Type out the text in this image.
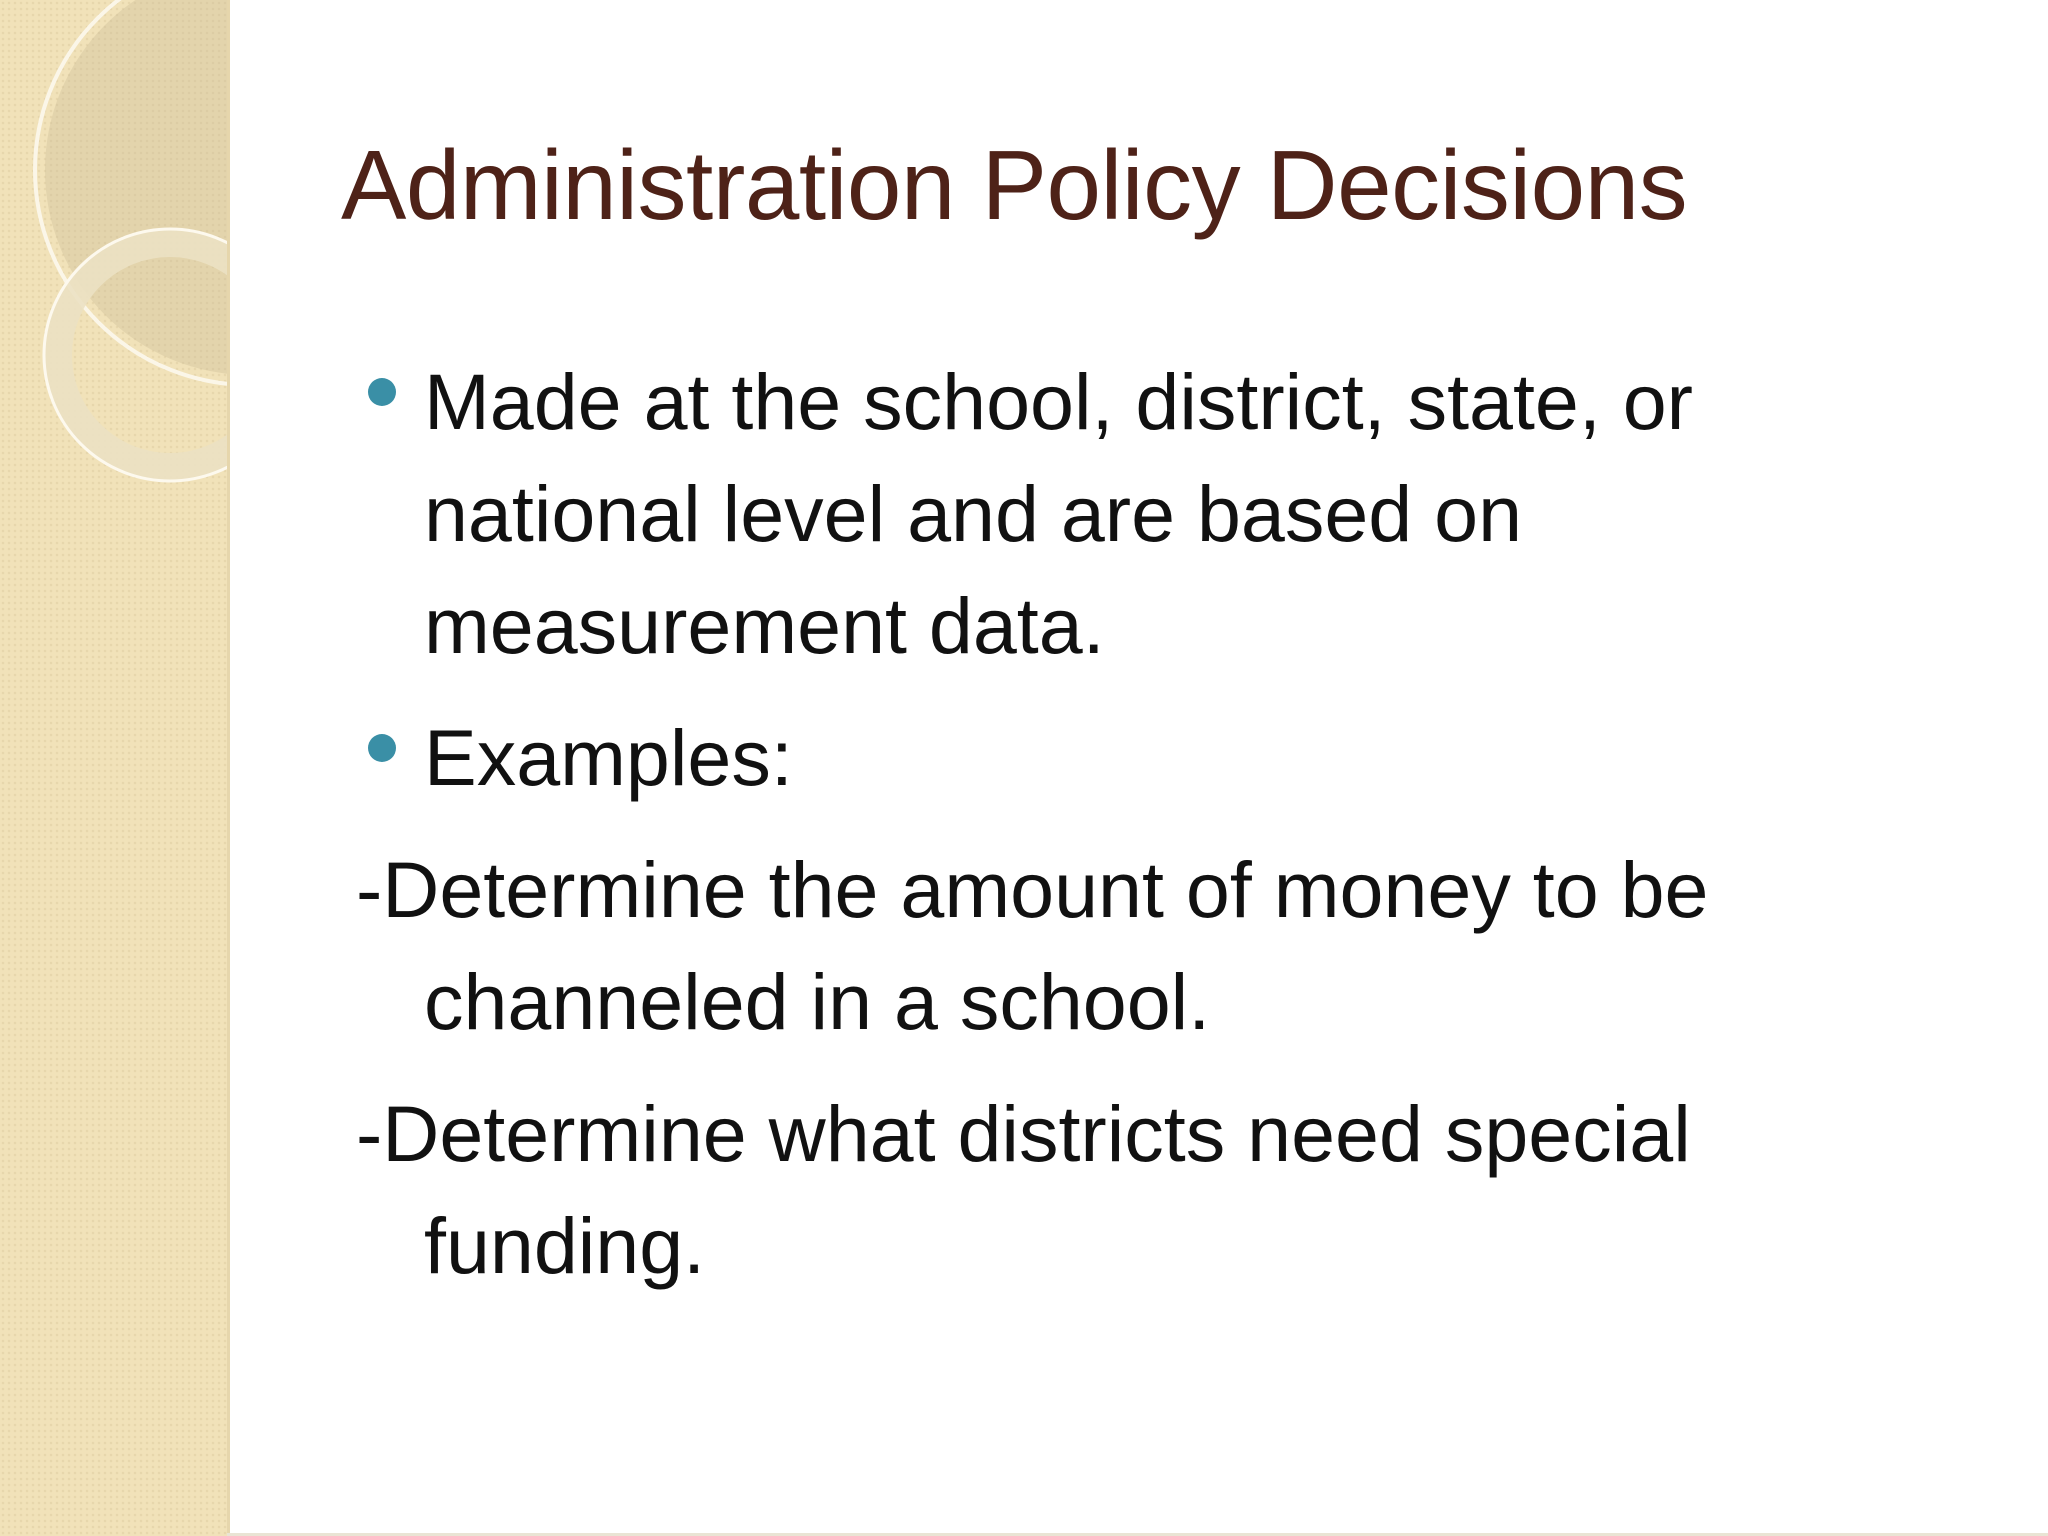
Administration Policy Decisions

Made at the school, district, state, or national level and are based on measurement data.

Examples:

-Determine the amount of money to be
channeled in a school.

-Determine what districts need special
funding.
